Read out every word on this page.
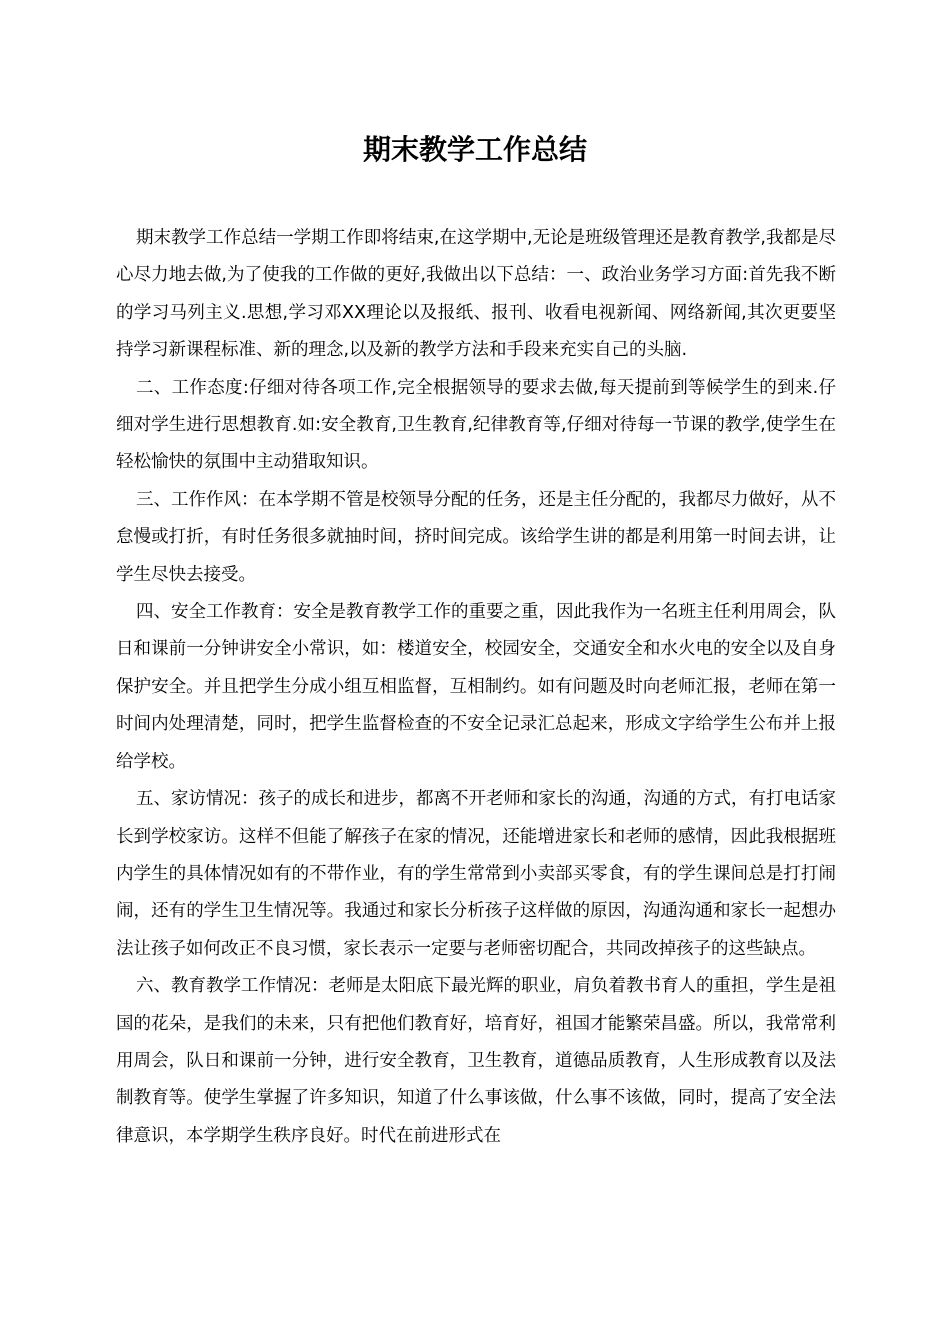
期末教学工作总结

期末教学工作总结一学期工作即将结束,在这学期中,无论是班级管理还是教育教学,我都是尽心尽力地去做,为了使我的工作做的更好,我做出以下总结：一、政治业务学习方面:首先我不断的学习马列主义.思想,学习邓XX理论以及报纸、报刊、收看电视新闻、网络新闻,其次更要坚持学习新课程标准、新的理念,以及新的教学方法和手段来充实自己的头脑.

二、工作态度:仔细对待各项工作,完全根据领导的要求去做,每天提前到等候学生的到来.仔细对学生进行思想教育.如:安全教育,卫生教育,纪律教育等,仔细对待每一节课的教学,使学生在轻松愉快的氛围中主动猎取知识。

三、工作作风：在本学期不管是校领导分配的任务，还是主任分配的，我都尽力做好，从不怠慢或打折，有时任务很多就抽时间，挤时间完成。该给学生讲的都是利用第一时间去讲，让学生尽快去接受。

四、安全工作教育：安全是教育教学工作的重要之重，因此我作为一名班主任利用周会，队日和课前一分钟讲安全小常识，如：楼道安全，校园安全，交通安全和水火电的安全以及自身保护安全。并且把学生分成小组互相监督，互相制约。如有问题及时向老师汇报，老师在第一时间内处理清楚，同时，把学生监督检查的不安全记录汇总起来，形成文字给学生公布并上报给学校。

五、家访情况：孩子的成长和进步，都离不开老师和家长的沟通，沟通的方式，有打电话家长到学校家访。这样不但能了解孩子在家的情况，还能增进家长和老师的感情，因此我根据班内学生的具体情况如有的不带作业，有的学生常常到小卖部买零食，有的学生课间总是打打闹闹，还有的学生卫生情况等。我通过和家长分析孩子这样做的原因，沟通沟通和家长一起想办法让孩子如何改正不良习惯，家长表示一定要与老师密切配合，共同改掉孩子的这些缺点。

六、教育教学工作情况：老师是太阳底下最光辉的职业，肩负着教书育人的重担，学生是祖国的花朵，是我们的未来，只有把他们教育好，培育好，祖国才能繁荣昌盛。所以，我常常利用周会，队日和课前一分钟，进行安全教育，卫生教育，道德品质教育，人生形成教育以及法制教育等。使学生掌握了许多知识，知道了什么事该做，什么事不该做，同时，提高了安全法律意识，本学期学生秩序良好。时代在前进形式在
